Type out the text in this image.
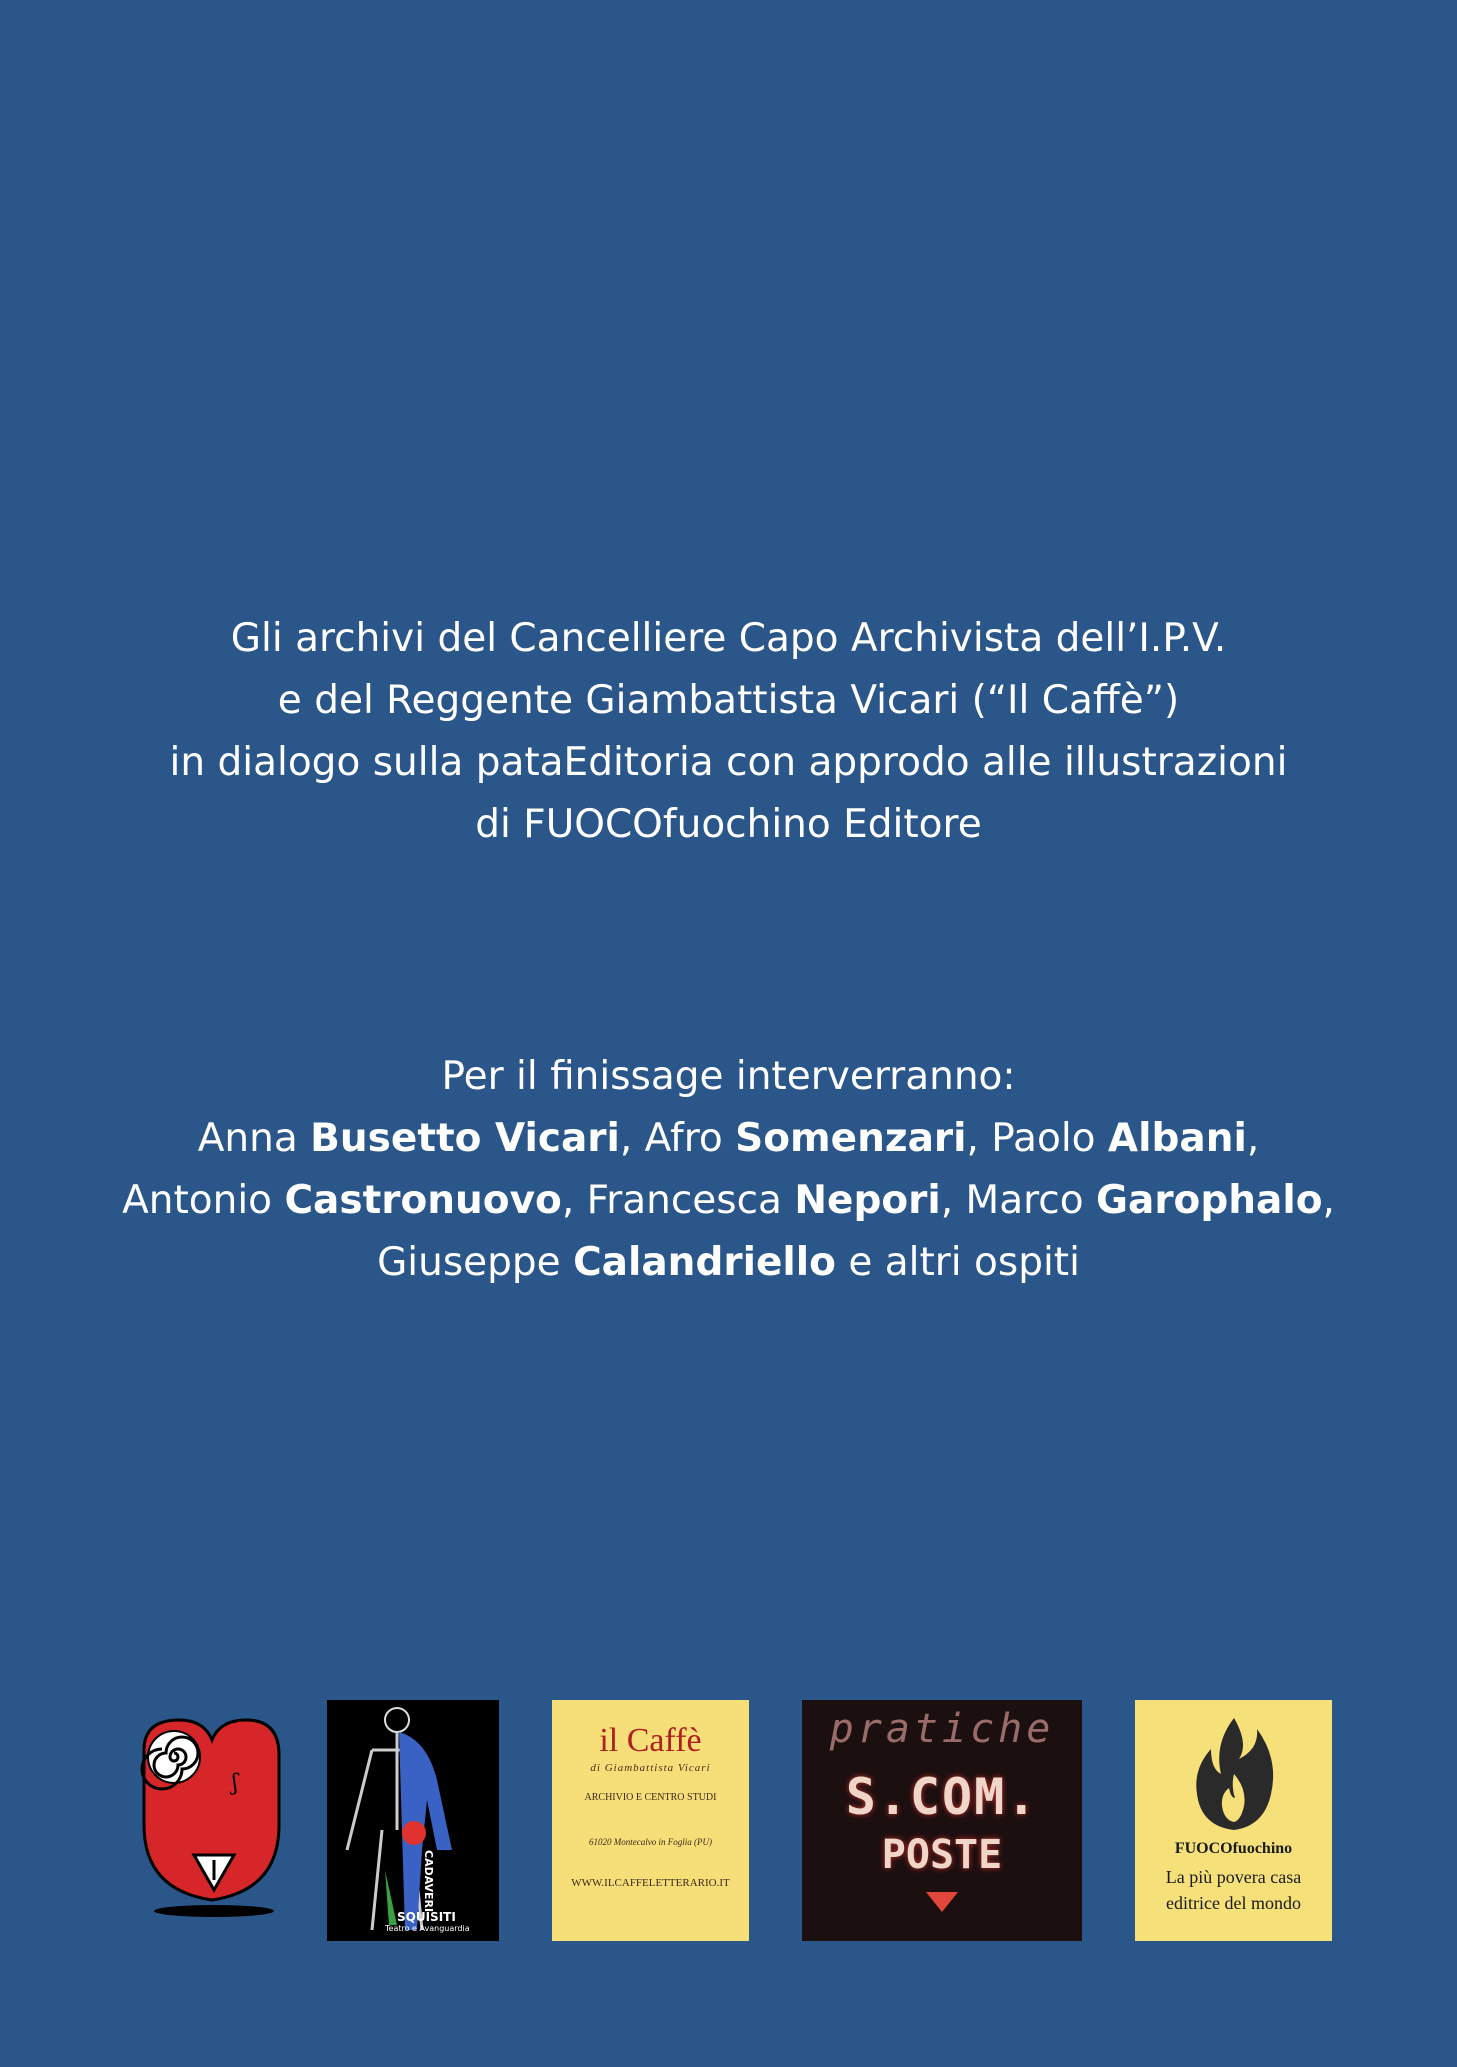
Gli archivi del Cancelliere Capo Archivista dell’I.P.V.

e del Reggente Giambattista Vicari (“Il Caffè”)

in dialogo sulla pataEditoria con approdo alle illustrazioni

di FUOCOfuochino Editore

Per il finissage interverranno:

Anna Busetto Vicari, Afro Somenzari, Paolo Albani,

Antonio Castronuovo, Francesca Nepori, Marco Garophalo,

Giuseppe Calandriello e altri ospiti

ʃ
CADAVERI
SQUISITI
Teatro e Avanguardia
il Caffè
di Giambattista Vicari
ARCHIVIO E CENTRO STUDI
61020 Montecalvo in Foglia (PU)
WWW.ILCAFFELETTERARIO.IT
pratiche
S.COM.
POSTE	FUOCOfuochino
La più povera casa
editrice del mondo
